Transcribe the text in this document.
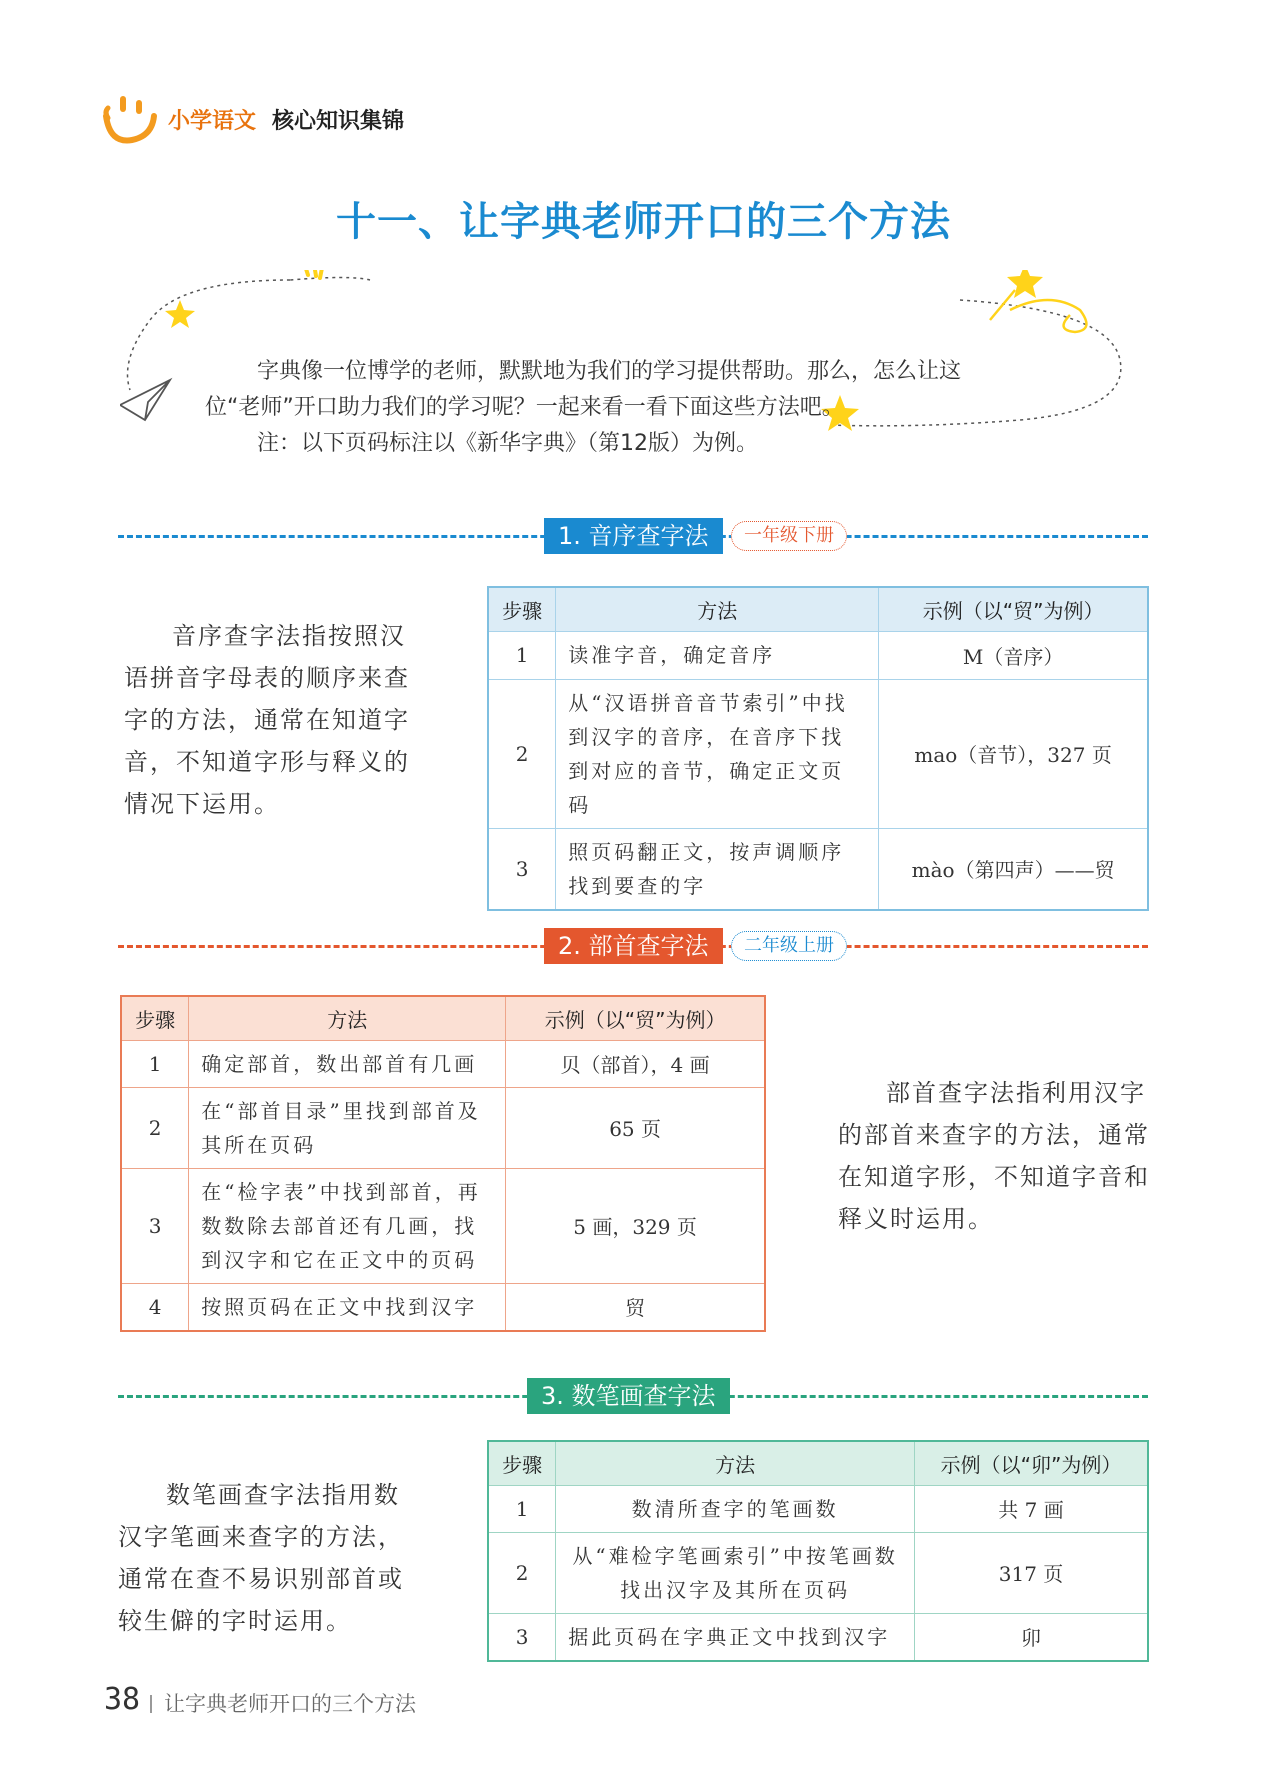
小学语文 核心知识集锦
十一、让字典老师开口的三个方法
字典像一位博学的老师，默默地为我们的学习提供帮助。那么，怎么让这
位“老师”开口助力我们的学习呢？一起来看一看下面这些方法吧。
注：以下页码标注以《新华字典》（第12版）为例。
1. 音序查字法	一年级下册
音序查字法指按照汉语拼音字母表的顺序来查字的方法，通常在知道字音，不知道字形与释义的情况下运用。
步骤	方法	示例（以“贸”为例）
1	读准字音，确定音序	M（音序）
2	从“汉语拼音音节索引”中找到汉字的音序，在音序下找到对应的音节，确定正文页码	mao（音节），327 页
3	照页码翻正文，按声调顺序找到要查的字	mào（第四声）——贸
2. 部首查字法	二年级上册
步骤	方法	示例（以“贸”为例）
1	确定部首，数出部首有几画	贝（部首），4 画
2	在“部首目录”里找到部首及其所在页码	65 页
3	在“检字表”中找到部首，再数数除去部首还有几画，找到汉字和它在正文中的页码	5 画，329 页
4	按照页码在正文中找到汉字	贸
部首查字法指利用汉字的部首来查字的方法，通常在知道字形，不知道字音和释义时运用。
3. 数笔画查字法
数笔画查字法指用数汉字笔画来查字的方法，通常在查不易识别部首或较生僻的字时运用。
步骤	方法	示例（以“卯”为例）
1	数清所查字的笔画数	共 7 画
2	从“难检字笔画索引”中按笔画数找出汉字及其所在页码	317 页
3	据此页码在字典正文中找到汉字	卯
38	让字典老师开口的三个方法
